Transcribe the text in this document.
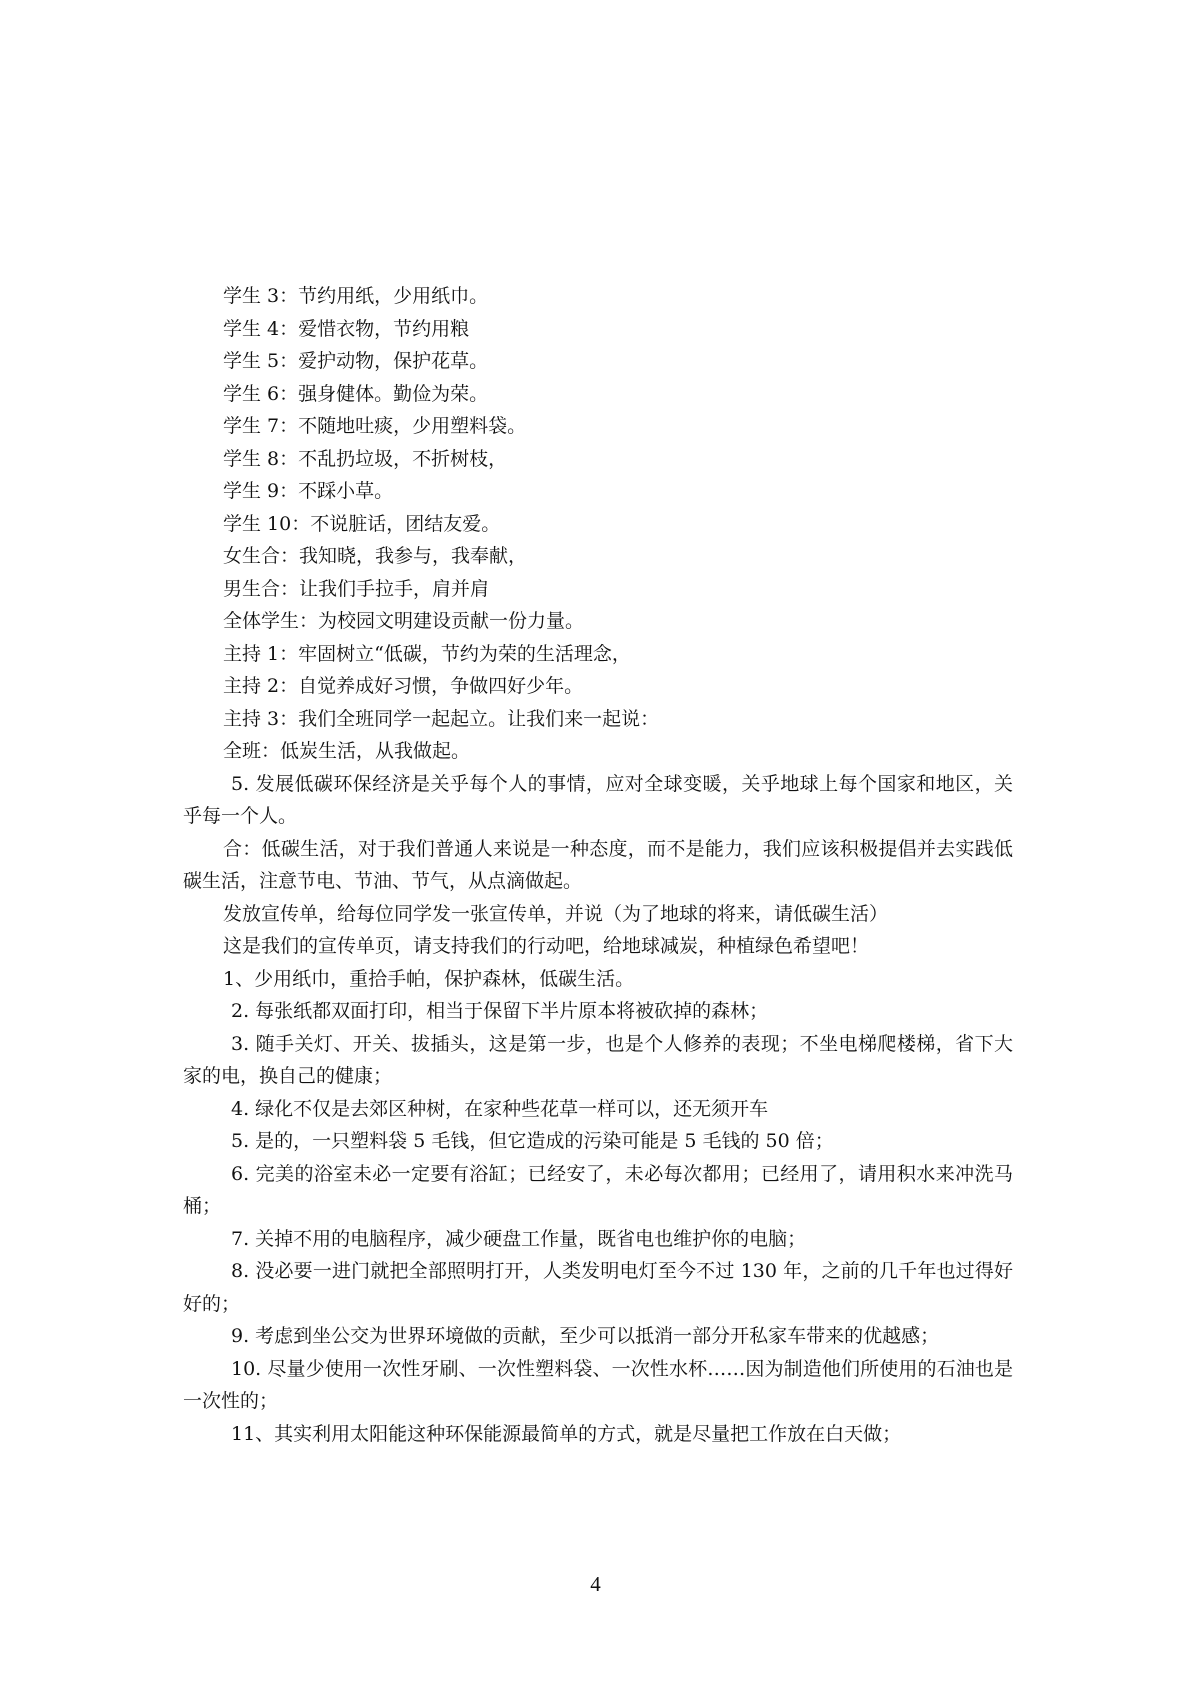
学生 3：节约用纸，少用纸巾。
学生 4：爱惜衣物，节约用粮
学生 5：爱护动物，保护花草。
学生 6：强身健体。勤俭为荣。
学生 7：不随地吐痰，少用塑料袋。
学生 8：不乱扔垃圾，不折树枝，
学生 9：不踩小草。
学生 10：不说脏话，团结友爱。
女生合：我知晓，我参与，我奉献，
男生合：让我们手拉手，肩并肩
全体学生：为校园文明建设贡献一份力量。
主持 1：牢固树立“低碳，节约为荣的生活理念，
主持 2：自觉养成好习惯，争做四好少年。
主持 3：我们全班同学一起起立。让我们来一起说：
全班：低炭生活，从我做起。
5. 发展低碳环保经济是关乎每个人的事情，应对全球变暖，关乎地球上每个国家和地区，关乎每一个人。
合：低碳生活，对于我们普通人来说是一种态度，而不是能力，我们应该积极提倡并去实践低碳生活，注意节电、节油、节气，从点滴做起。
发放宣传单，给每位同学发一张宣传单，并说（为了地球的将来，请低碳生活）
这是我们的宣传单页，请支持我们的行动吧，给地球减炭，种植绿色希望吧！
1、少用纸巾，重拾手帕，保护森林，低碳生活。
2. 每张纸都双面打印，相当于保留下半片原本将被砍掉的森林；
3. 随手关灯、开关、拔插头，这是第一步，也是个人修养的表现；不坐电梯爬楼梯，省下大家的电，换自己的健康；
4. 绿化不仅是去郊区种树，在家种些花草一样可以，还无须开车
5. 是的，一只塑料袋 5 毛钱，但它造成的污染可能是 5 毛钱的 50 倍；
6. 完美的浴室未必一定要有浴缸；已经安了，未必每次都用；已经用了，请用积水来冲洗马桶；
7. 关掉不用的电脑程序，减少硬盘工作量，既省电也维护你的电脑；
8. 没必要一进门就把全部照明打开，人类发明电灯至今不过 130 年，之前的几千年也过得好好的；
9. 考虑到坐公交为世界环境做的贡献，至少可以抵消一部分开私家车带来的优越感；
10. 尽量少使用一次性牙刷、一次性塑料袋、一次性水杯……因为制造他们所使用的石油也是一次性的；
11、其实利用太阳能这种环保能源最简单的方式，就是尽量把工作放在白天做；
4
